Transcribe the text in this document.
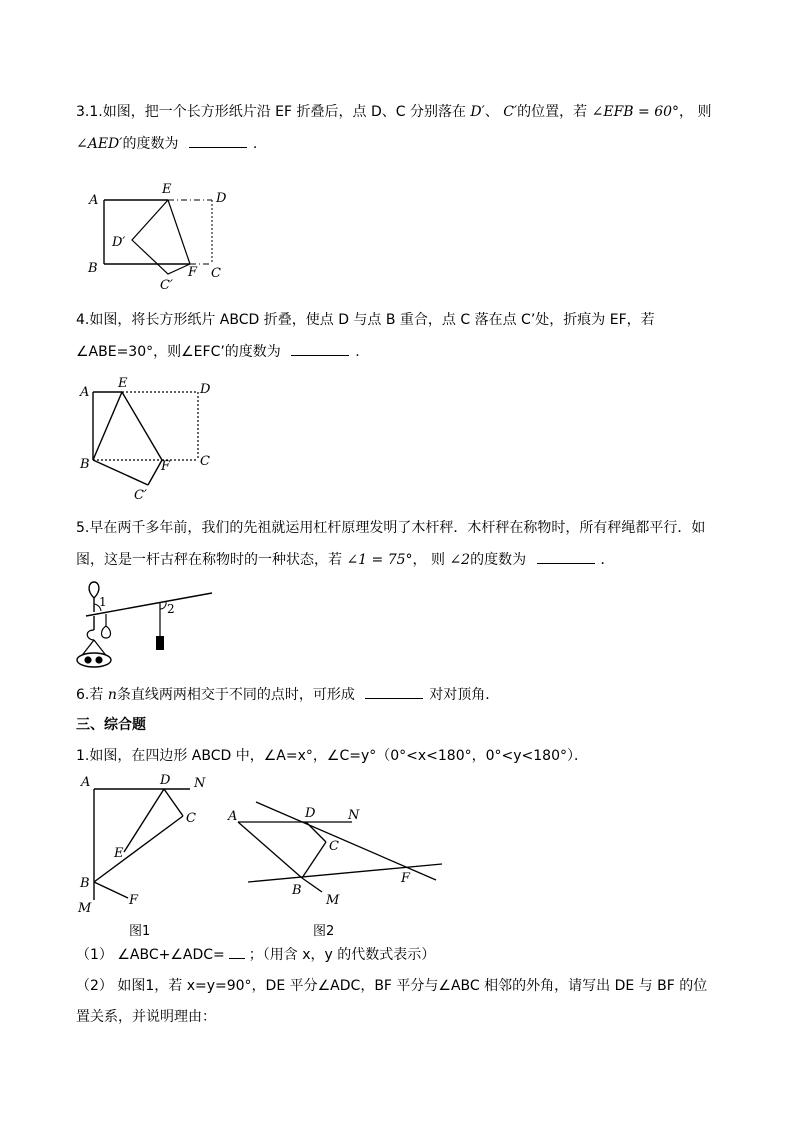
3.1.如图，把一个长方形纸片沿 EF 折叠后，点 D、C 分别落在 D′、 C′的位置，若 ∠EFB = 60°， 则
∠AED′的度数为	.
A
E
D
D′
B	F C
C′
4.如图，将长方形纸片 ABCD 折叠，使点 D 与点 B 重合，点 C 落在点 C’处，折痕为 EF，若
∠ABE=30°，则∠EFC’的度数为	.
A
E	D
B	F C
C′
5.早在两千多年前，我们的先祖就运用杠杆原理发明了木杆秤．木杆秤在称物时，所有秤绳都平行．如
图，这是一杆古秤在称物时的一种状态，若 ∠1 = 75°， 则 ∠2的度数为	．
1	2
6.若 n条直线两两相交于不同的点时，可形成	对对顶角．
三、综合题
1.如图，在四边形 ABCD 中，∠A=x°，∠C=y°（0°<x<180°，0°<y<180°）．
A	D N
C
E
B
F
M
图1
A	D	N
C
B
F
M
图2
（1） ∠ABC+∠ADC= ；（用含 x，y 的代数式表示）
（2） 如图1，若 x=y=90°，DE 平分∠ADC，BF 平分与∠ABC 相邻的外角，请写出 DE 与 BF 的位
置关系，并说明理由：
